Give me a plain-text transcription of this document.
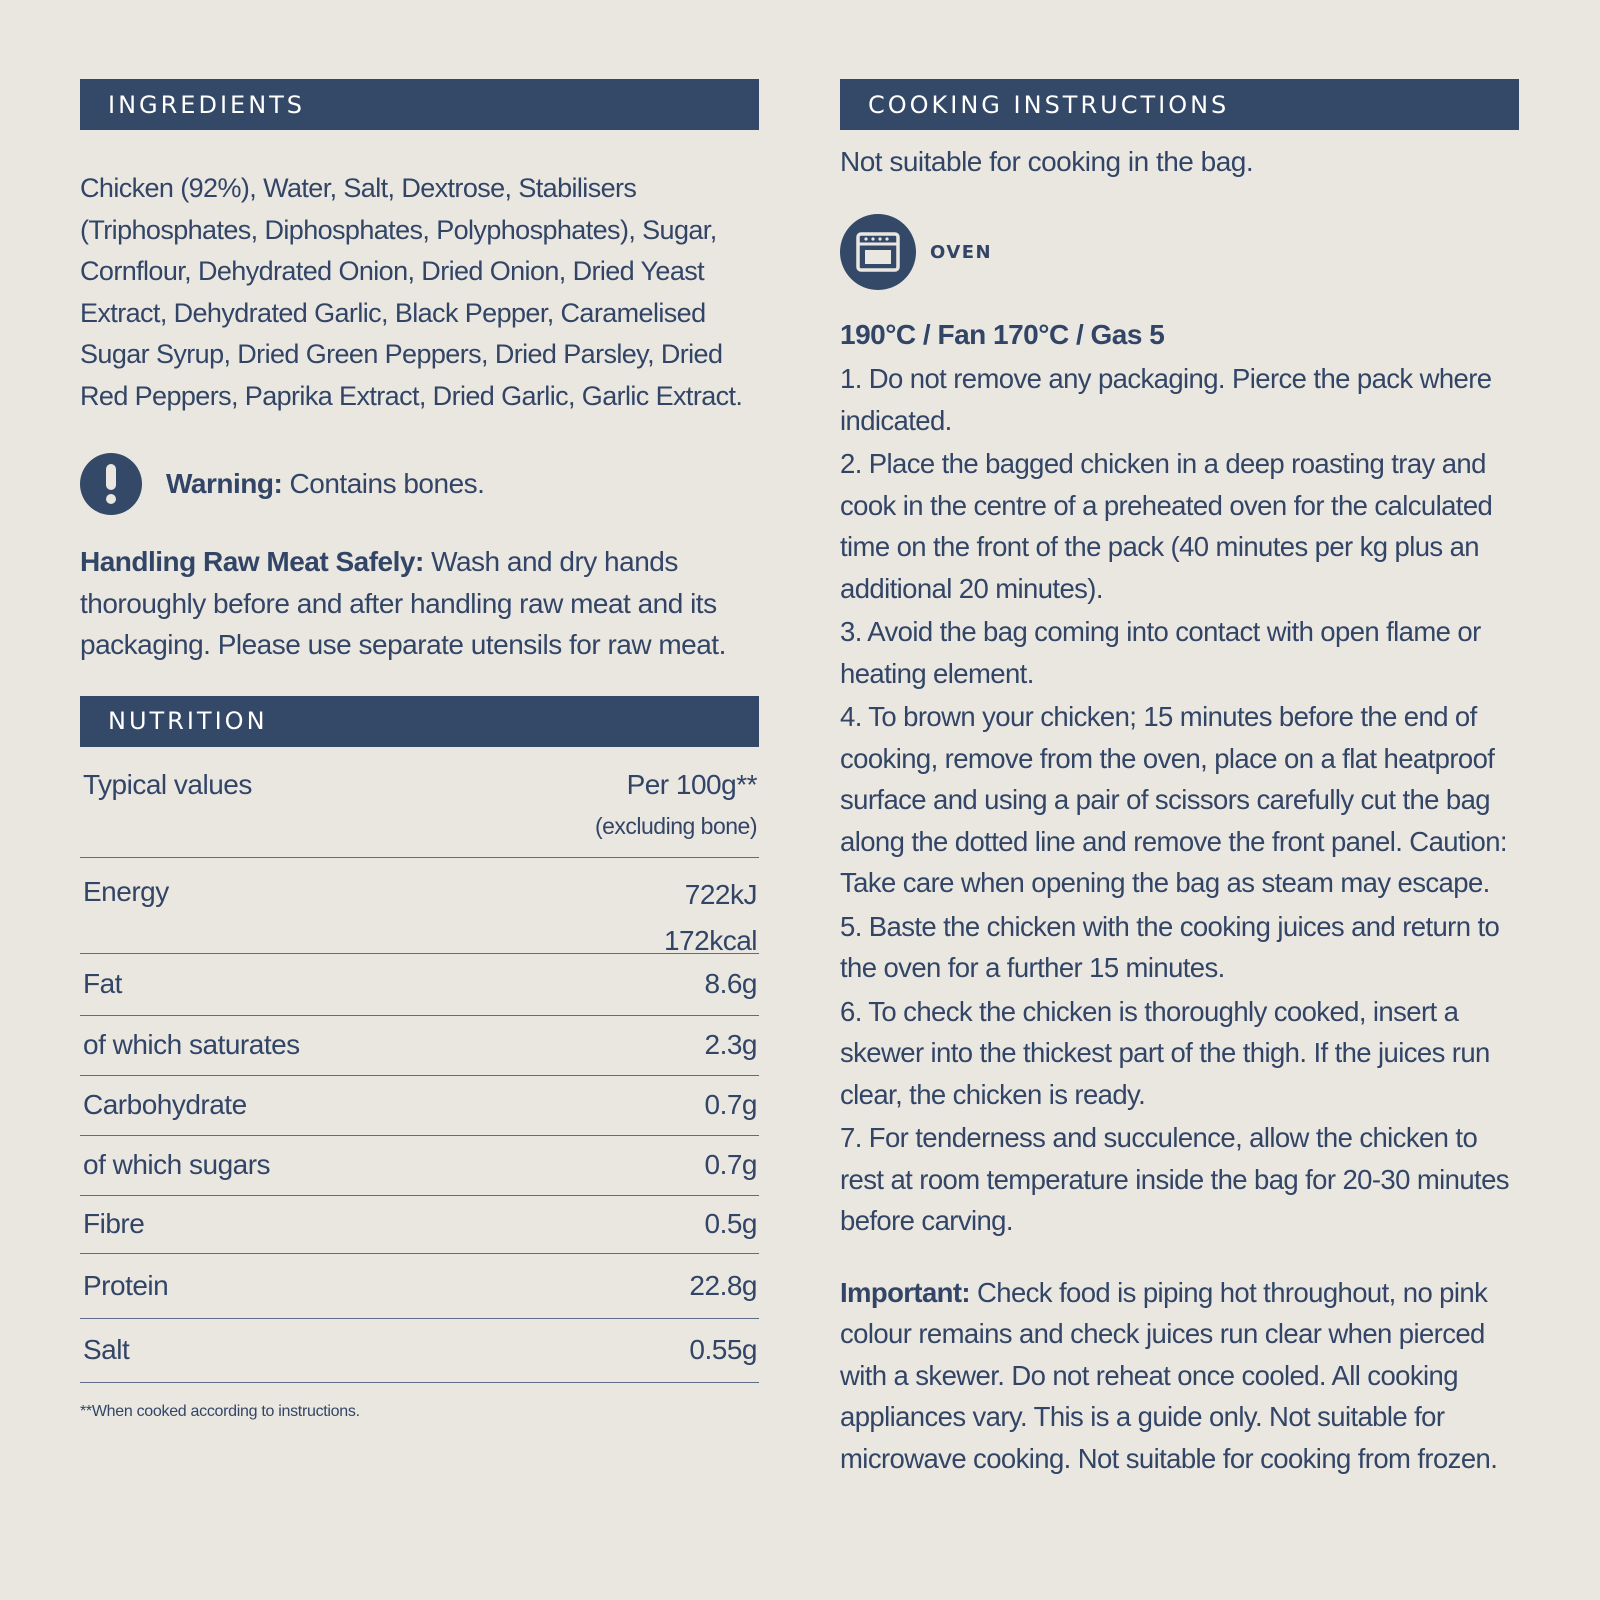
INGREDIENTS
Chicken (92%), Water, Salt, Dextrose, Stabilisers (Triphosphates, Diphosphates, Polyphosphates), Sugar, Cornflour, Dehydrated Onion, Dried Onion, Dried Yeast Extract, Dehydrated Garlic, Black Pepper, Caramelised Sugar Syrup, Dried Green Peppers, Dried Parsley, Dried Red Peppers, Paprika Extract, Dried Garlic, Garlic Extract.
Warning: Contains bones.
Handling Raw Meat Safely: Wash and dry hands thoroughly before and after handling raw meat and its packaging. Please use separate utensils for raw meat.
NUTRITION
Typical values	Per 100g**
(excluding bone)
Energy	722kJ
172kcal
Fat	8.6g
of which saturates	2.3g
Carbohydrate	0.7g
of which sugars	0.7g
Fibre	0.5g
Protein	22.8g
Salt	0.55g
**When cooked according to instructions.
COOKING INSTRUCTIONS
Not suitable for cooking in the bag.
OVEN
190°C / Fan 170°C / Gas 5
1. Do not remove any packaging. Pierce the pack where indicated.
2. Place the bagged chicken in a deep roasting tray and cook in the centre of a preheated oven for the calculated time on the front of the pack (40 minutes per kg plus an additional 20 minutes).
3. Avoid the bag coming into contact with open flame or heating element.
4. To brown your chicken; 15 minutes before the end of cooking, remove from the oven, place on a flat heatproof surface and using a pair of scissors carefully cut the bag along the dotted line and remove the front panel. Caution: Take care when opening the bag as steam may escape.
5. Baste the chicken with the cooking juices and return to the oven for a further 15 minutes.
6. To check the chicken is thoroughly cooked, insert a skewer into the thickest part of the thigh. If the juices run clear, the chicken is ready.
7. For tenderness and succulence, allow the chicken to rest at room temperature inside the bag for 20-30 minutes before carving.
Important: Check food is piping hot throughout, no pink colour remains and check juices run clear when pierced with a skewer. Do not reheat once cooled. All cooking appliances vary. This is a guide only. Not suitable for microwave cooking. Not suitable for cooking from frozen.
